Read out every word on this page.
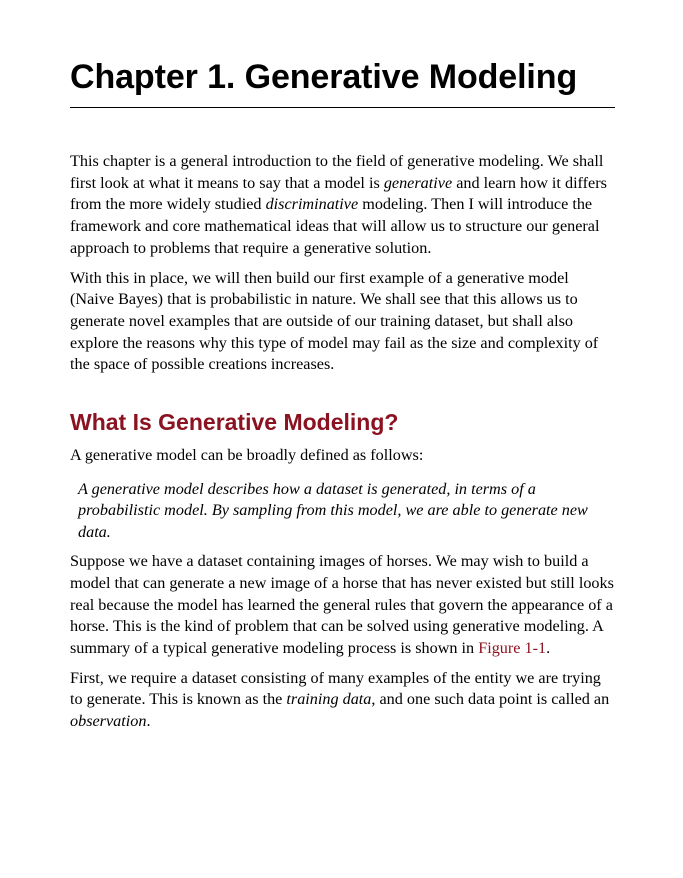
Chapter 1. Generative Modeling

This chapter is a general introduction to the field of generative modeling. We shall first look at what it means to say that a model is generative and learn how it differs from the more widely studied discriminative modeling. Then I will introduce the framework and core mathematical ideas that will allow us to structure our general approach to problems that require a generative solution.

With this in place, we will then build our first example of a generative model (Naive Bayes) that is probabilistic in nature. We shall see that this allows us to generate novel examples that are outside of our training dataset, but shall also explore the reasons why this type of model may fail as the size and complexity of the space of possible creations increases.

What Is Generative Modeling?

A generative model can be broadly defined as follows:

A generative model describes how a dataset is generated, in terms of a probabilistic model. By sampling from this model, we are able to generate new data.

Suppose we have a dataset containing images of horses. We may wish to build a model that can generate a new image of a horse that has never existed but still looks real because the model has learned the general rules that govern the appearance of a horse. This is the kind of problem that can be solved using generative modeling. A summary of a typical generative modeling process is shown in Figure 1-1.

First, we require a dataset consisting of many examples of the entity we are trying to generate. This is known as the training data, and one such data point is called an observation.
